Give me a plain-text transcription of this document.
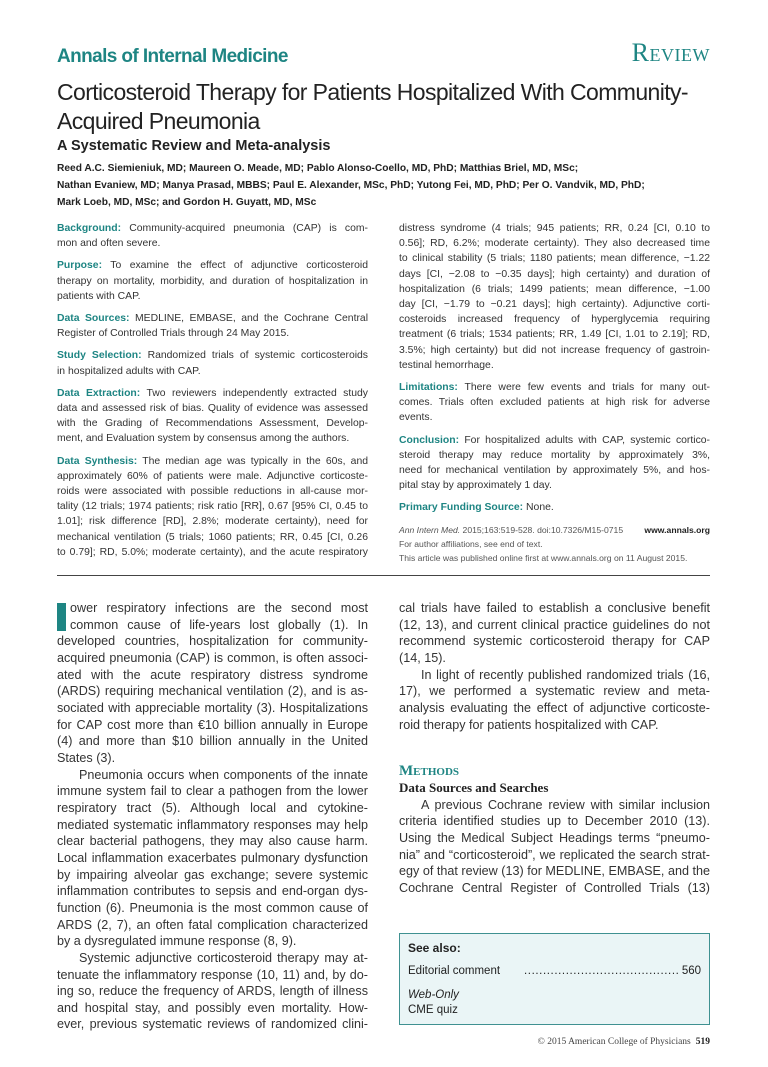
Annals of Internal Medicine	Review
Corticosteroid Therapy for Patients Hospitalized With Community-Acquired Pneumonia
A Systematic Review and Meta-analysis
Reed A.C. Siemieniuk, MD; Maureen O. Meade, MD; Pablo Alonso-Coello, MD, PhD; Matthias Briel, MD, MSc;
Nathan Evaniew, MD; Manya Prasad, MBBS; Paul E. Alexander, MSc, PhD; Yutong Fei, MD, PhD; Per O. Vandvik, MD, PhD;
Mark Loeb, MD, MSc; and Gordon H. Guyatt, MD, MSc
Background: Community-acquired pneumonia (CAP) is com-
mon and often severe.
Purpose: To examine the effect of adjunctive corticosteroid
therapy on mortality, morbidity, and duration of hospitalization in
patients with CAP.
Data Sources: MEDLINE, EMBASE, and the Cochrane Central
Register of Controlled Trials through 24 May 2015.
Study Selection: Randomized trials of systemic corticosteroids
in hospitalized adults with CAP.
Data Extraction: Two reviewers independently extracted study
data and assessed risk of bias. Quality of evidence was assessed
with the Grading of Recommendations Assessment, Develop-
ment, and Evaluation system by consensus among the authors.
Data Synthesis: The median age was typically in the 60s, and
approximately 60% of patients were male. Adjunctive corticoste-
roids were associated with possible reductions in all-cause mor-
tality (12 trials; 1974 patients; risk ratio [RR], 0.67 [95% CI, 0.45 to
1.01]; risk difference [RD], 2.8%; moderate certainty), need for
mechanical ventilation (5 trials; 1060 patients; RR, 0.45 [CI, 0.26
to 0.79]; RD, 5.0%; moderate certainty), and the acute respiratory
distress syndrome (4 trials; 945 patients; RR, 0.24 [CI, 0.10 to
0.56]; RD, 6.2%; moderate certainty). They also decreased time
to clinical stability (5 trials; 1180 patients; mean difference, −1.22
days [CI, −2.08 to −0.35 days]; high certainty) and duration of
hospitalization (6 trials; 1499 patients; mean difference, −1.00
day [CI, −1.79 to −0.21 days]; high certainty). Adjunctive corti-
costeroids increased frequency of hyperglycemia requiring
treatment (6 trials; 1534 patients; RR, 1.49 [CI, 1.01 to 2.19]; RD,
3.5%; high certainty) but did not increase frequency of gastroin-
testinal hemorrhage.
Limitations: There were few events and trials for many out-
comes. Trials often excluded patients at high risk for adverse
events.
Conclusion: For hospitalized adults with CAP, systemic cortico-
steroid therapy may reduce mortality by approximately 3%,
need for mechanical ventilation by approximately 5%, and hos-
pital stay by approximately 1 day.
Primary Funding Source: None.
Ann Intern Med. 2015;163:519-528. doi:10.7326/M15-0715 www.annals.org
For author affiliations, see end of text.
This article was published online first at www.annals.org on 11 August 2015.
ower respiratory infections are the second most
common cause of life-years lost globally (1). In
developed countries, hospitalization for community-
acquired pneumonia (CAP) is common, is often associ-
ated with the acute respiratory distress syndrome
(ARDS) requiring mechanical ventilation (2), and is as-
sociated with appreciable mortality (3). Hospitalizations
for CAP cost more than €10 billion annually in Europe
(4) and more than $10 billion annually in the United
States (3).
Pneumonia occurs when components of the innate
immune system fail to clear a pathogen from the lower
respiratory tract (5). Although local and cytokine-
mediated systematic inflammatory responses may help
clear bacterial pathogens, they may also cause harm.
Local inflammation exacerbates pulmonary dysfunction
by impairing alveolar gas exchange; severe systemic
inflammation contributes to sepsis and end-organ dys-
function (6). Pneumonia is the most common cause of
ARDS (2, 7), an often fatal complication characterized
by a dysregulated immune response (8, 9).
Systemic adjunctive corticosteroid therapy may at-
tenuate the inflammatory response (10, 11) and, by do-
ing so, reduce the frequency of ARDS, length of illness
and hospital stay, and possibly even mortality. How-
ever, previous systematic reviews of randomized clini-
cal trials have failed to establish a conclusive benefit
(12, 13), and current clinical practice guidelines do not
recommend systemic corticosteroid therapy for CAP
(14, 15).
In light of recently published randomized trials (16,
17), we performed a systematic review and meta-
analysis evaluating the effect of adjunctive corticoste-
roid therapy for patients hospitalized with CAP.
Methods
Data Sources and Searches
A previous Cochrane review with similar inclusion
criteria identified studies up to December 2010 (13).
Using the Medical Subject Headings terms “pneumo-
nia” and “corticosteroid”, we replicated the search strat-
egy of that review (13) for MEDLINE, EMBASE, and the
Cochrane Central Register of Controlled Trials (13)
See also:
Editorial comment	. . . . . . . . . . . . . . . . . . . . . . . . . . . . . . . . . . . . . . . . . 560
Web-Only
CME quiz
© 2015 American College of Physicians 519
